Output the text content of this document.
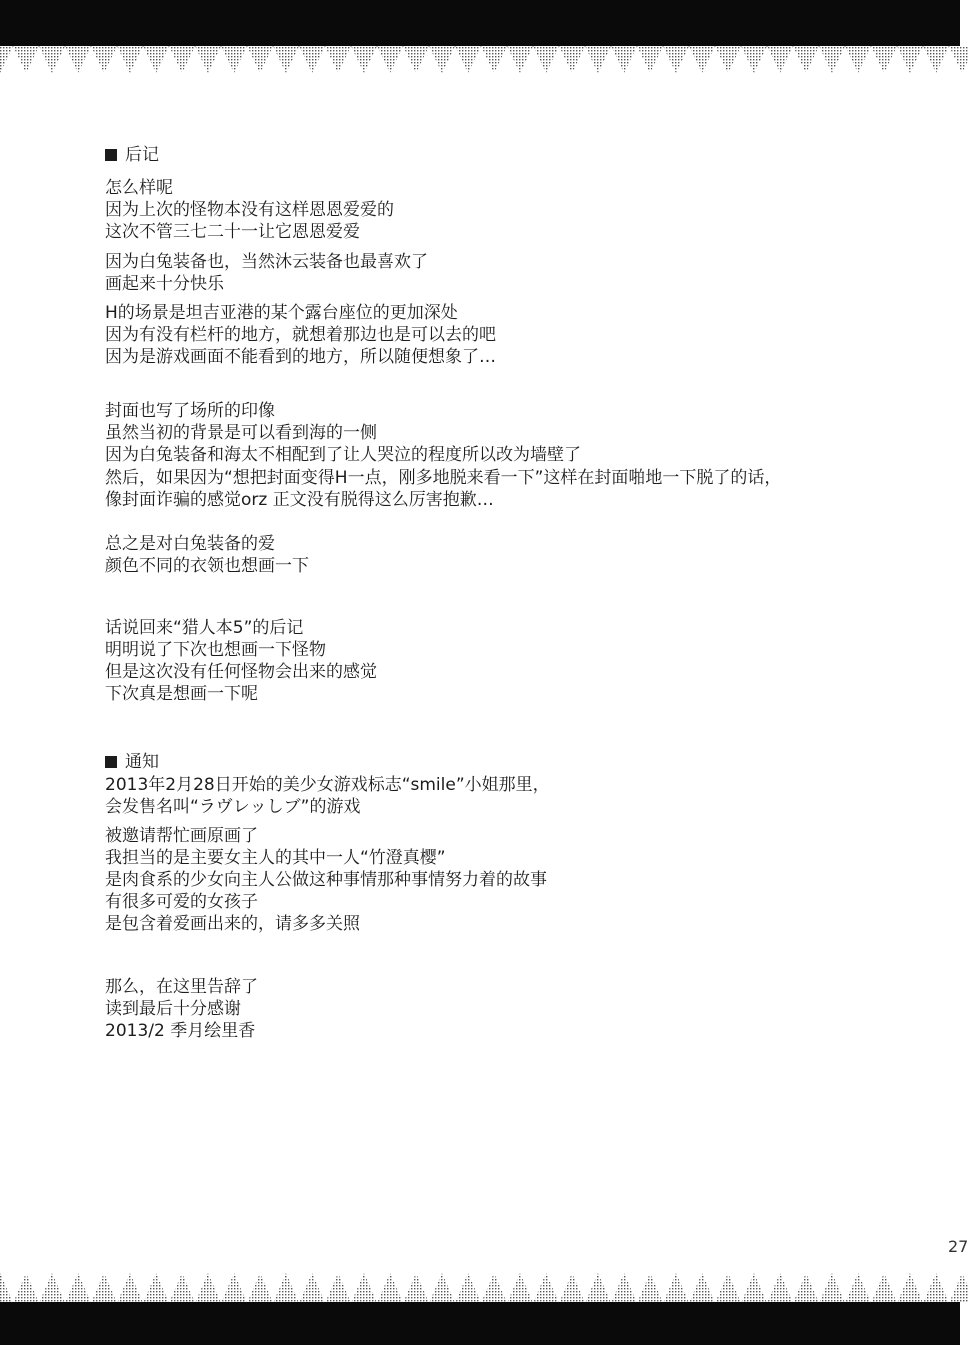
后记
怎么样呢
因为上次的怪物本没有这样恩恩爱爱的
这次不管三七二十一让它恩恩爱爱
因为白兔装备也，当然沐云装备也最喜欢了
画起来十分快乐
H的场景是坦吉亚港的某个露台座位的更加深处
因为有没有栏杆的地方，就想着那边也是可以去的吧
因为是游戏画面不能看到的地方，所以随便想象了…
封面也写了场所的印像
虽然当初的背景是可以看到海的一侧
因为白兔装备和海太不相配到了让人哭泣的程度所以改为墙壁了
然后，如果因为“想把封面变得H一点，刚多地脱来看一下”这样在封面啪地一下脱了的话，
像封面诈骗的感觉orz 正文没有脱得这么厉害抱歉…
总之是对白兔装备的爱
颜色不同的衣领也想画一下
话说回来“猎人本5”的后记
明明说了下次也想画一下怪物
但是这次没有任何怪物会出来的感觉
下次真是想画一下呢
通知
2013年2月28日开始的美少女游戏标志“smile”小姐那里，
会发售名叫“ラヴレッしブ”的游戏
被邀请帮忙画原画了
我担当的是主要女主人的其中一人“竹澄真樱”
是肉食系的少女向主人公做这种事情那种事情努力着的故事
有很多可爱的女孩子
是包含着爱画出来的，请多多关照
那么，在这里告辞了
读到最后十分感谢
2013/2 季月绘里香
27
